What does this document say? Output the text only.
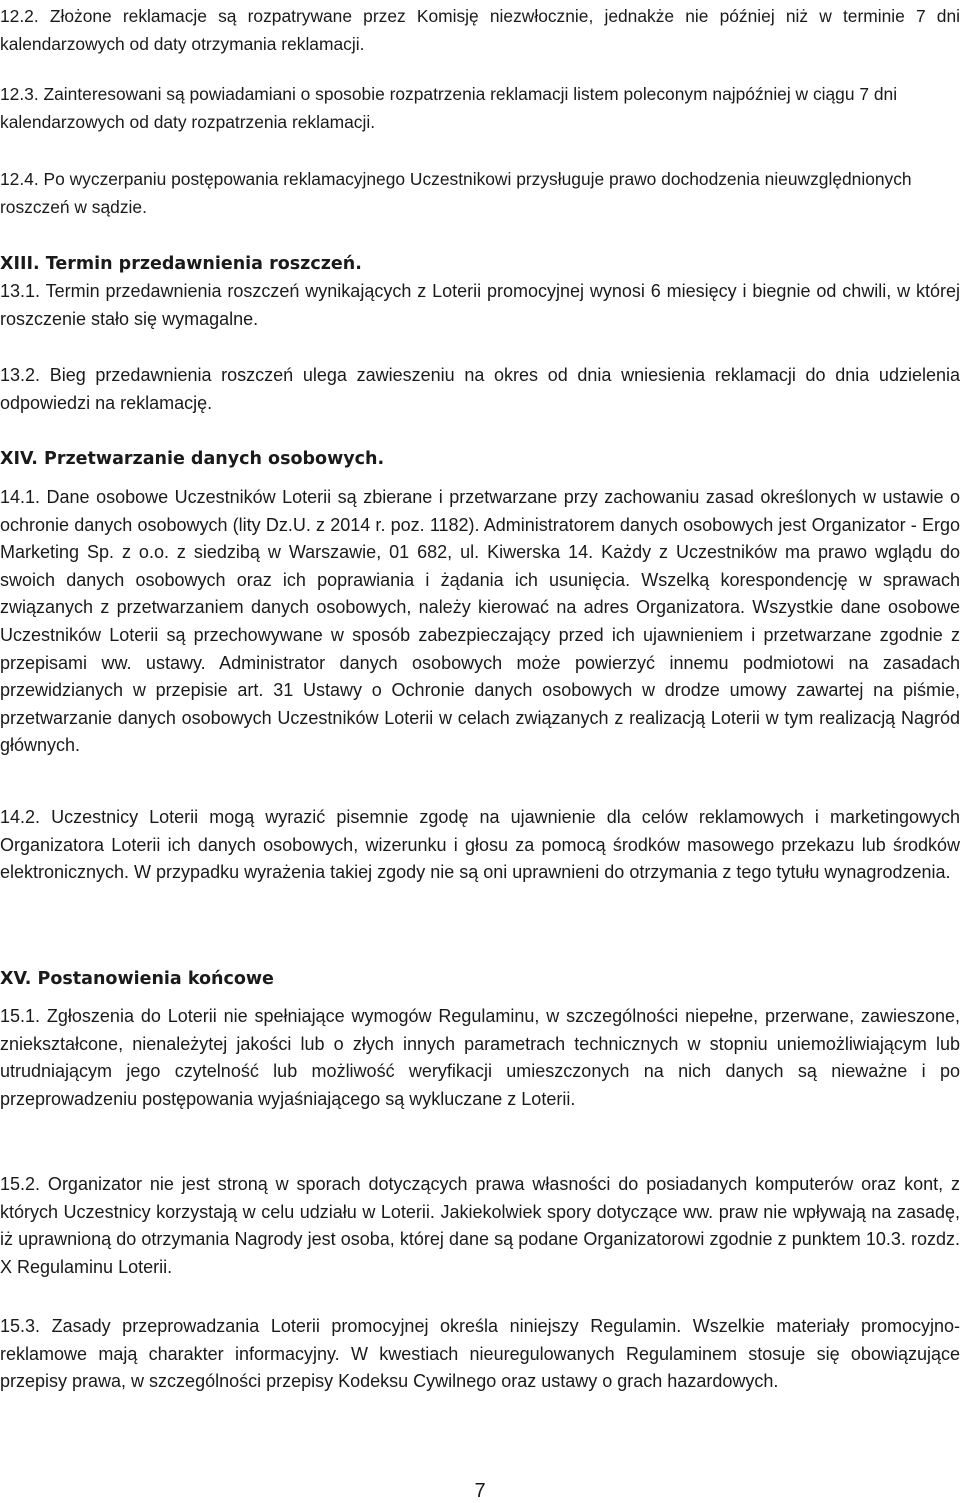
12.2. Złożone reklamacje są rozpatrywane przez Komisję niezwłocznie, jednakże nie później niż w terminie 7 dni kalendarzowych od daty otrzymania reklamacji.

12.3. Zainteresowani są powiadamiani o sposobie rozpatrzenia reklamacji listem poleconym najpóźniej w ciągu 7 dni kalendarzowych od daty rozpatrzenia reklamacji.

12.4. Po wyczerpaniu postępowania reklamacyjnego Uczestnikowi przysługuje prawo dochodzenia nieuwzględnionych roszczeń w sądzie.

XIII. Termin przedawnienia roszczeń.

13.1. Termin przedawnienia roszczeń wynikających z Loterii promocyjnej wynosi 6 miesięcy i biegnie od chwili, w której roszczenie stało się wymagalne.

13.2. Bieg przedawnienia roszczeń ulega zawieszeniu na okres od dnia wniesienia reklamacji do dnia udzielenia odpowiedzi na reklamację.

XIV. Przetwarzanie danych osobowych.

14.1. Dane osobowe Uczestników Loterii są zbierane i przetwarzane przy zachowaniu zasad określonych w ustawie o ochronie danych osobowych (lity Dz.U. z 2014 r. poz. 1182). Administratorem danych osobowych jest Organizator - Ergo Marketing Sp. z o.o. z siedzibą w Warszawie, 01 682, ul. Kiwerska 14. Każdy z Uczestników ma prawo wglądu do swoich danych osobowych oraz ich poprawiania i żądania ich usunięcia. Wszelką korespondencję w sprawach związanych z przetwarzaniem danych osobowych, należy kierować na adres Organizatora. Wszystkie dane osobowe Uczestników Loterii są przechowywane w sposób zabezpieczający przed ich ujawnieniem i przetwarzane zgodnie z przepisami ww. ustawy. Administrator danych osobowych może powierzyć innemu podmiotowi na zasadach przewidzianych w przepisie art. 31 Ustawy o Ochronie danych osobowych w drodze umowy zawartej na piśmie, przetwarzanie danych osobowych Uczestników Loterii w celach związanych z realizacją Loterii w tym realizacją Nagród głównych.

14.2. Uczestnicy Loterii mogą wyrazić pisemnie zgodę na ujawnienie dla celów reklamowych i marketingowych Organizatora Loterii ich danych osobowych, wizerunku i głosu za pomocą środków masowego przekazu lub środków elektronicznych. W przypadku wyrażenia takiej zgody nie są oni uprawnieni do otrzymania z tego tytułu wynagrodzenia.

XV. Postanowienia końcowe

15.1. Zgłoszenia do Loterii nie spełniające wymogów Regulaminu, w szczególności niepełne, przerwane, zawieszone, zniekształcone, nienależytej jakości lub o złych innych parametrach technicznych w stopniu uniemożliwiającym lub utrudniającym jego czytelność lub możliwość weryfikacji umieszczonych na nich danych są nieważne i po przeprowadzeniu postępowania wyjaśniającego są wykluczane z Loterii.

15.2. Organizator nie jest stroną w sporach dotyczących prawa własności do posiadanych komputerów oraz kont, z których Uczestnicy korzystają w celu udziału w Loterii. Jakiekolwiek spory dotyczące ww. praw nie wpływają na zasadę, iż uprawnioną do otrzymania Nagrody jest osoba, której dane są podane Organizatorowi zgodnie z punktem 10.3. rozdz. X Regulaminu Loterii.

15.3. Zasady przeprowadzania Loterii promocyjnej określa niniejszy Regulamin. Wszelkie materiały promocyjno-reklamowe mają charakter informacyjny. W kwestiach nieuregulowanych Regulaminem stosuje się obowiązujące przepisy prawa, w szczególności przepisy Kodeksu Cywilnego oraz ustawy o grach hazardowych.

7
